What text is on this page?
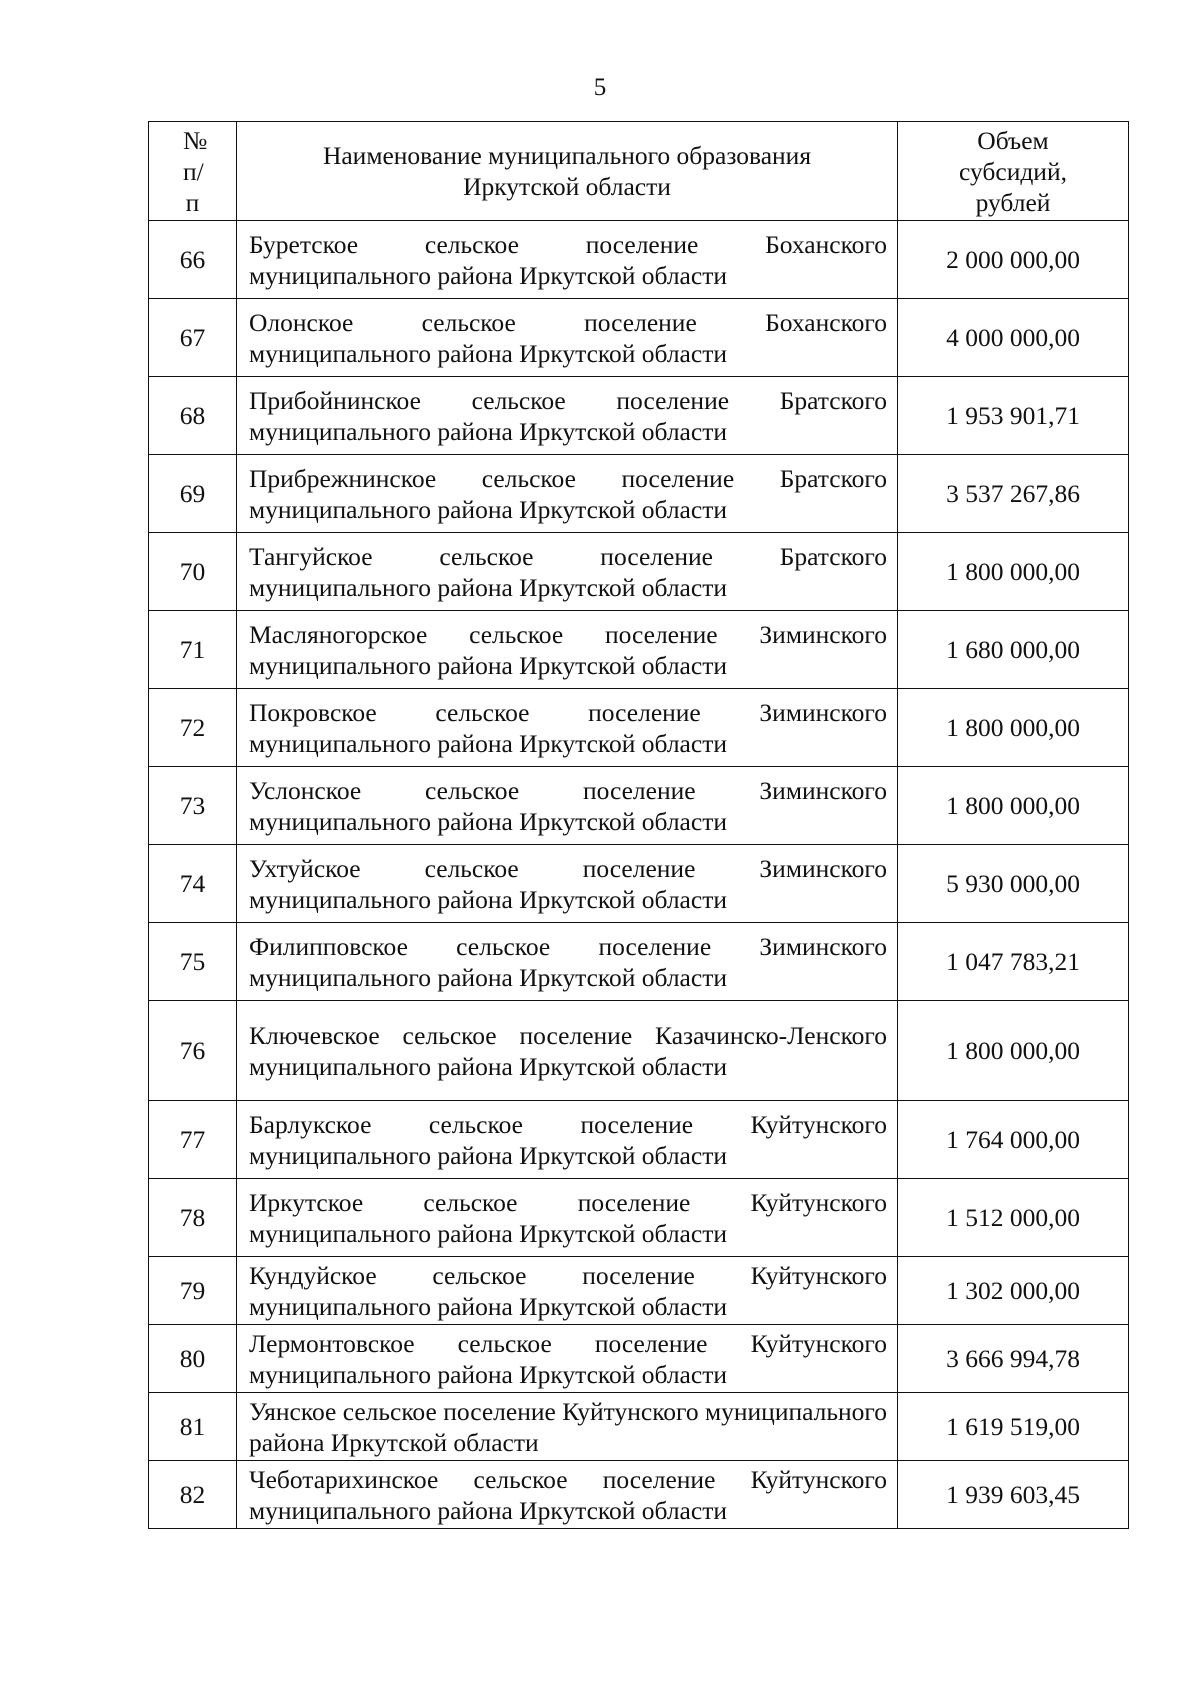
5
№ п/п	Наименование муниципального образования Иркутской области	Объем субсидий, рублей
66	Буретское сельское поселение Боханского муниципального района Иркутской области	2 000 000,00
67	Олонское сельское поселение Боханского муниципального района Иркутской области	4 000 000,00
68	Прибойнинское сельское поселение Братского муниципального района Иркутской области	1 953 901,71
69	Прибрежнинское сельское поселение Братского муниципального района Иркутской области	3 537 267,86
70	Тангуйское сельское поселение Братского муниципального района Иркутской области	1 800 000,00
71	Масляногорское сельское поселение Зиминского муниципального района Иркутской области	1 680 000,00
72	Покровское сельское поселение Зиминского муниципального района Иркутской области	1 800 000,00
73	Услонское сельское поселение Зиминского муниципального района Иркутской области	1 800 000,00
74	Ухтуйское сельское поселение Зиминского муниципального района Иркутской области	5 930 000,00
75	Филипповское сельское поселение Зиминского муниципального района Иркутской области	1 047 783,21
76	Ключевское сельское поселение Казачинско-Ленского муниципального района Иркутской области	1 800 000,00
77	Барлукское сельское поселение Куйтунского муниципального района Иркутской области	1 764 000,00
78	Иркутское сельское поселение Куйтунского муниципального района Иркутской области	1 512 000,00
79	Кундуйское сельское поселение Куйтунского муниципального района Иркутской области	1 302 000,00
80	Лермонтовское сельское поселение Куйтунского муниципального района Иркутской области	3 666 994,78
81	Уянское сельское поселение Куйтунского муниципального района Иркутской области	1 619 519,00
82	Чеботарихинское сельское поселение Куйтунского муниципального района Иркутской области	1 939 603,45
